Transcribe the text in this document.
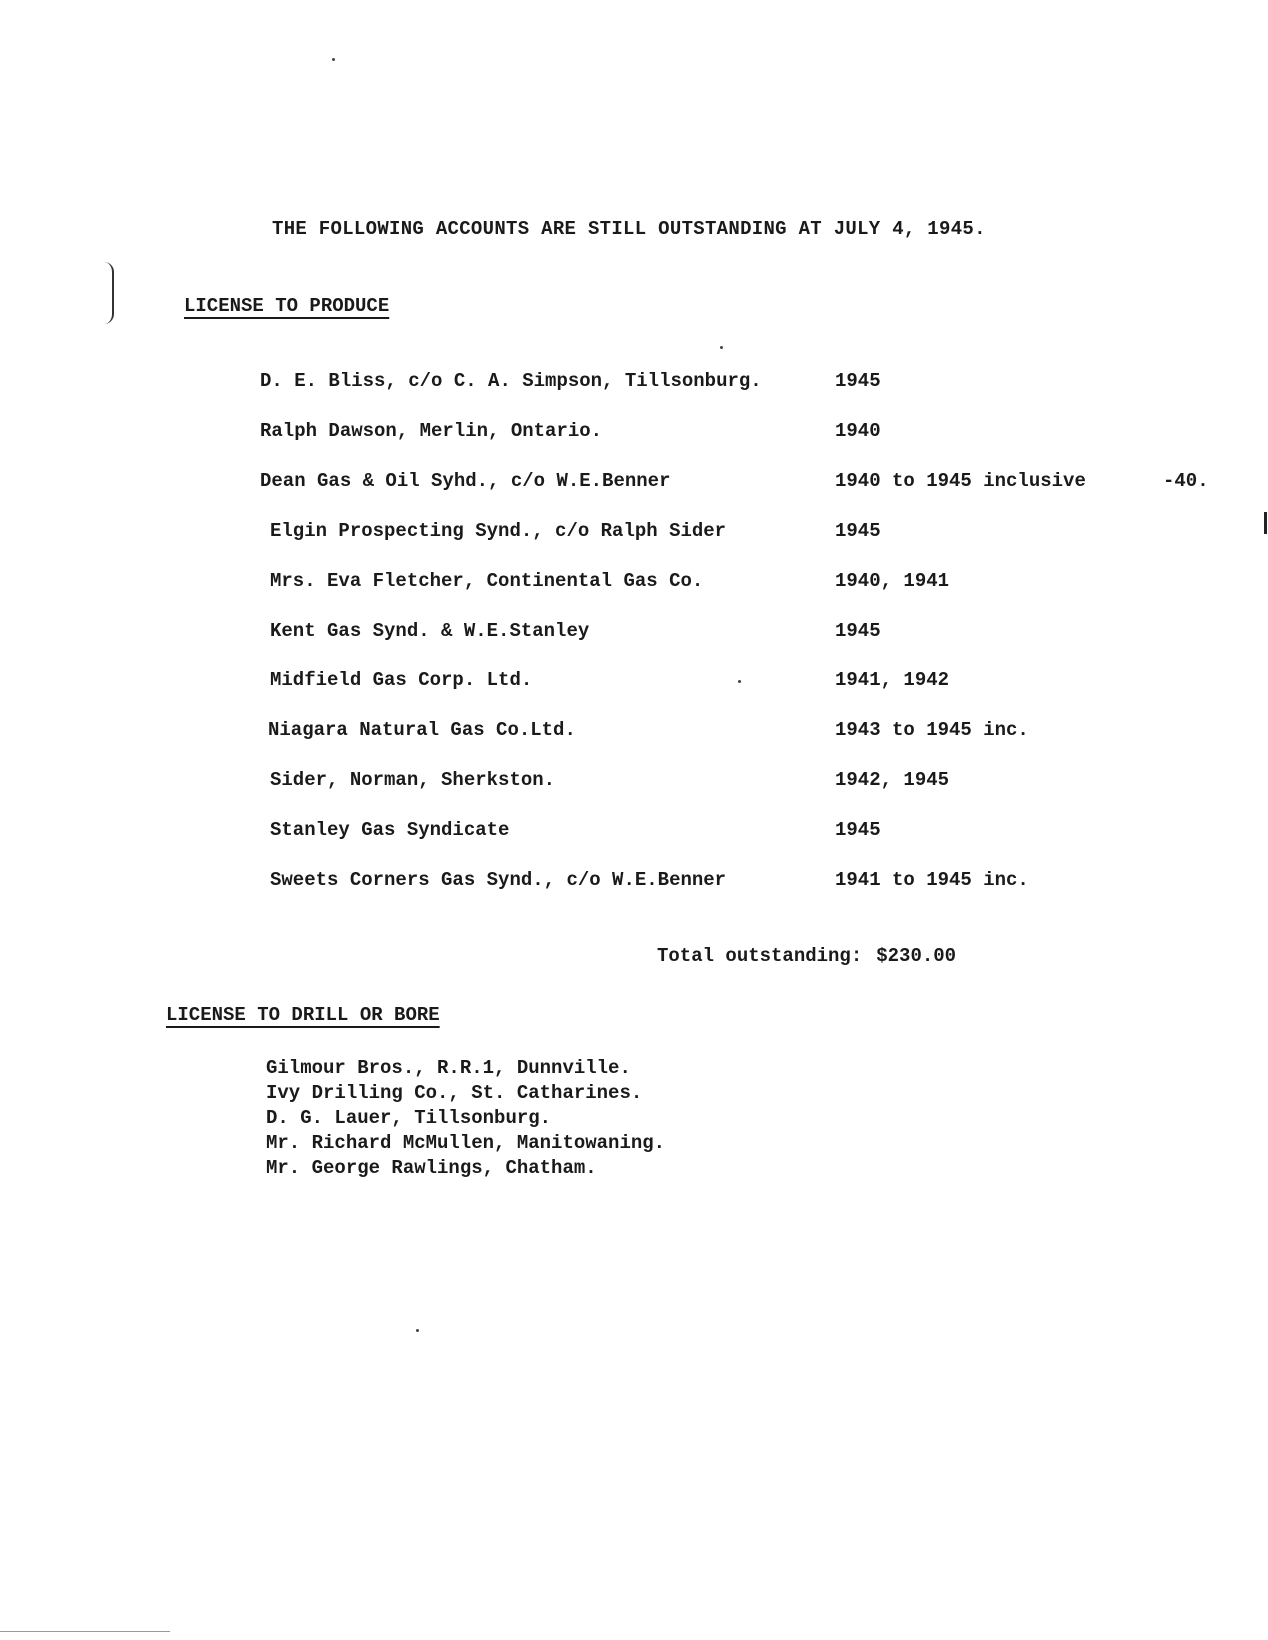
THE FOLLOWING ACCOUNTS ARE STILL OUTSTANDING AT JULY 4, 1945.
LICENSE TO PRODUCE
D. E. Bliss, c/o C. A. Simpson, Tillsonburg.	1945
Ralph Dawson, Merlin, Ontario.	1940
Dean Gas & Oil Syhd., c/o W.E.Benner	1940 to 1945 inclusive	-40.
Elgin Prospecting Synd., c/o Ralph Sider	1945
Mrs. Eva Fletcher, Continental Gas Co.	1940, 1941
Kent Gas Synd. & W.E.Stanley	1945
Midfield Gas Corp. Ltd.	1941, 1942
Niagara Natural Gas Co.Ltd.	1943 to 1945 inc.
Sider, Norman, Sherkston.	1942, 1945
Stanley Gas Syndicate	1945
Sweets Corners Gas Synd., c/o W.E.Benner	1941 to 1945 inc.
Total outstanding: $230.00
LICENSE TO DRILL OR BORE
Gilmour Bros., R.R.1, Dunnville.
Ivy Drilling Co., St. Catharines.
D. G. Lauer, Tillsonburg.
Mr. Richard McMullen, Manitowaning.
Mr. George Rawlings, Chatham.
